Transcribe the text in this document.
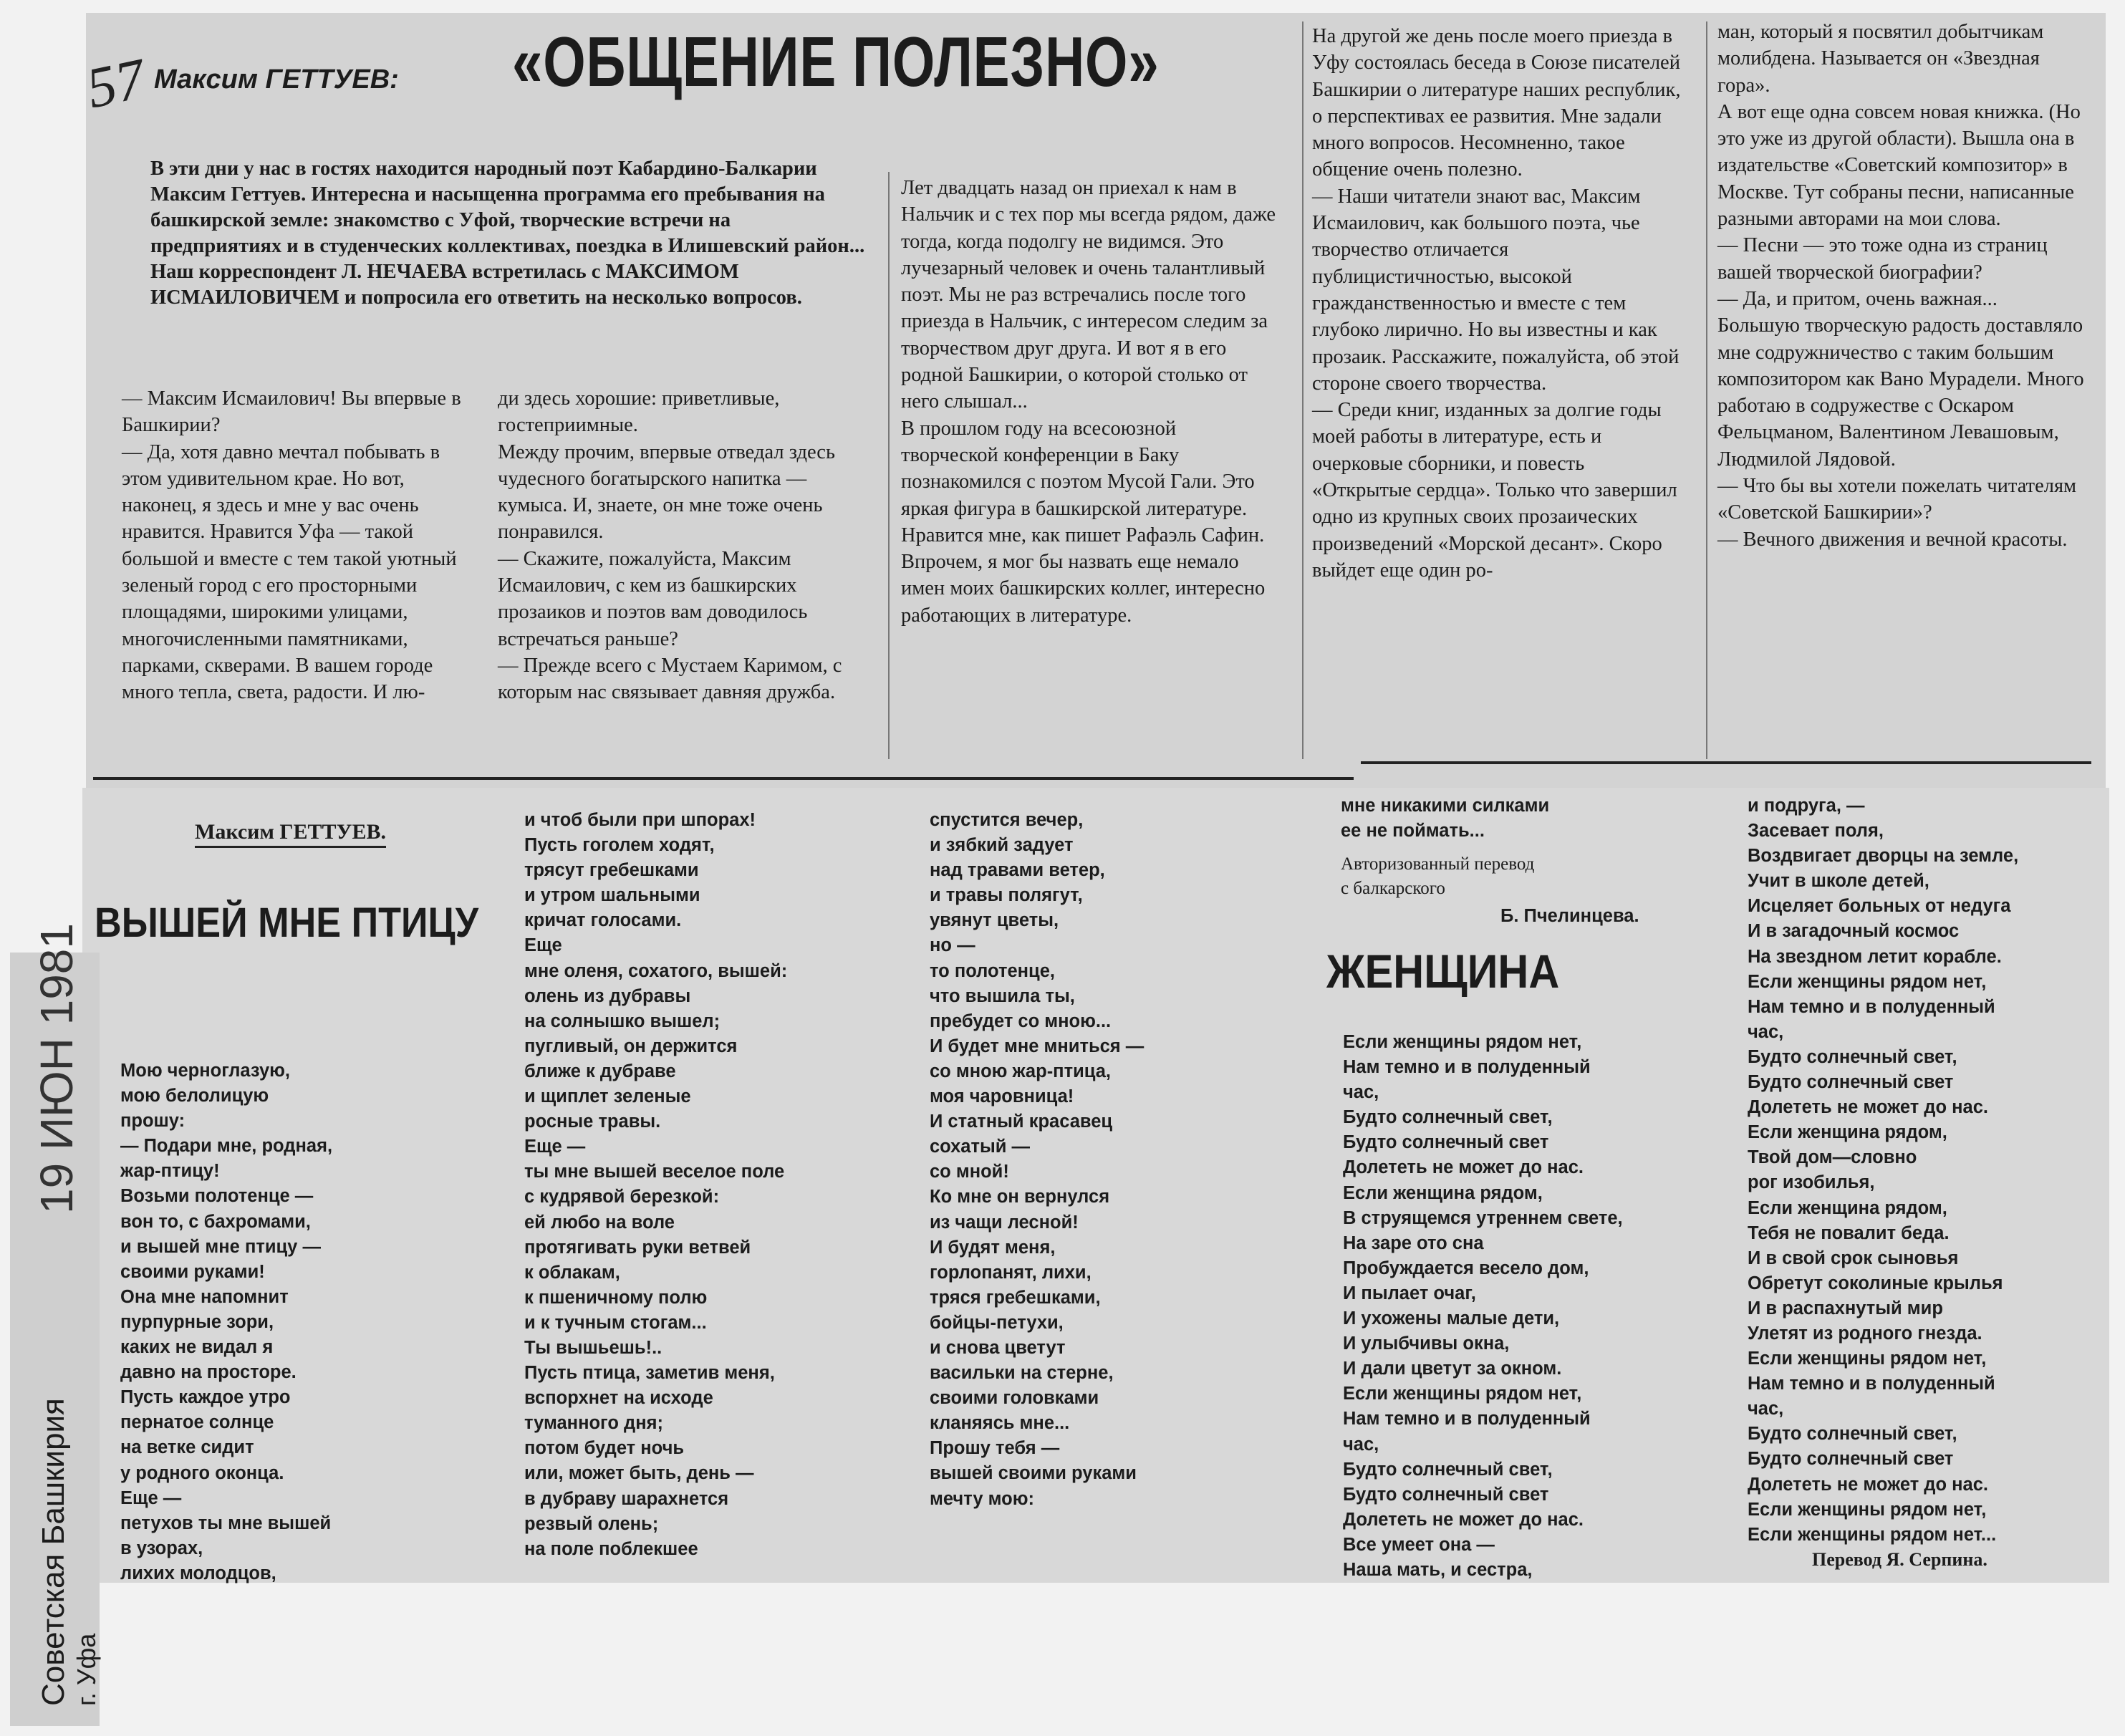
57 Максим ГЕТТУЕВ: «ОБЩЕНИЕ ПОЛЕЗНО»
В эти дни у нас в гостях находится народный поэт Кабардино-Балкарии Максим Геттуев. Интересна и насыщенна программа его пребывания на башкирской земле: знакомство с Уфой, творческие встречи на предприятиях и в студенческих коллективах, поездка в Илишевский район... Наш корреспондент Л. НЕЧАЕВА встретилась с МАКСИМОМ ИСМАИЛОВИЧЕМ и попросила его ответить на несколько вопросов.
— Максим Исмаилович! Вы впервые в Башкирии?
— Да, хотя давно мечтал побывать в этом удивительном крае. Но вот, наконец, я здесь и мне у вас очень нравится. Нравится Уфа — такой большой и вместе с тем такой уютный зеленый город с его просторными площадями, широкими улицами, многочисленными памятниками, парками, скверами. В вашем городе много тепла, света, радости. И лю-
ди здесь хорошие: приветливые, гостеприимные.
Между прочим, впервые отведал здесь чудесного богатырского напитка — кумыса. И, знаете, он мне тоже очень понравился.
— Скажите, пожалуйста, Максим Исмаилович, с кем из башкирских прозаиков и поэтов вам доводилось встречаться раньше?
— Прежде всего с Мустаем Каримом, с которым нас связывает давняя дружба.
Лет двадцать назад он приехал к нам в Нальчик и с тех пор мы всегда рядом, даже тогда, когда подолгу не видимся. Это лучезарный человек и очень талантливый поэт. Мы не раз встречались после того приезда в Нальчик, с интересом следим за творчеством друг друга. И вот я в его родной Башкирии, о которой столько от него слышал...
В прошлом году на всесоюзной творческой конференции в Баку познакомился с поэтом Мусой Гали. Это яркая фигура в башкирской литературе. Нравится мне, как пишет Рафаэль Сафин.
Впрочем, я мог бы назвать еще немало имен моих башкирских коллег, интересно работающих в литературе.
На другой же день после моего приезда в Уфу состоялась беседа в Союзе писателей Башкирии о литературе наших республик, о перспективах ее развития. Мне задали много вопросов. Несомненно, такое общение очень полезно.
— Наши читатели знают вас, Максим Исмаилович, как большого поэта, чье творчество отличается публицистичностью, высокой гражданственностью и вместе с тем глубоко лирично. Но вы известны и как прозаик. Расскажите, пожалуйста, об этой стороне своего творчества.
— Среди книг, изданных за долгие годы моей работы в литературе, есть и очерковые сборники, и повесть «Открытые сердца». Только что завершил одно из крупных своих прозаических произведений «Морской десант». Скоро выйдет еще один ро-
ман, который я посвятил добытчикам молибдена. Называется он «Звездная гора».
А вот еще одна совсем новая книжка. (Но это уже из другой области). Вышла она в издательстве «Советский композитор» в Москве. Тут собраны песни, написанные разными авторами на мои слова.
— Песни — это тоже одна из страниц вашей творческой биографии?
— Да, и притом, очень важная...
Большую творческую радость доставляло мне содружничество с таким большим композитором как Вано Мурадели. Много работаю в содружестве с Оскаром Фельцманом, Валентином Левашовым, Людмилой Лядовой.
— Что бы вы хотели пожелать читателям «Советской Башкирии»?
— Вечного движения и вечной красоты.
Максим ГЕТТУЕВ.
ВЫШЕЙ МНЕ ПТИЦУ
Мою черноглазую,
мою белолицую
прошу:
— Подари мне, родная,
жар-птицу!
Возьми полотенце —
вон то, с бахромами,
и вышей мне птицу —
своими руками!
Она мне напомнит
пурпурные зори,
каких не видал я
давно на просторе.
Пусть каждое утро
пернатое солнце
на ветке сидит
у родного оконца.
Еще —
петухов ты мне вышей
в узорах,
лихих молодцов,
и чтоб были при шпорах!
Пусть гоголем ходят,
трясут гребешками
и утром шальными
кричат голосами.
Еще
мне оленя, сохатого, вышей:
олень из дубравы
на солнышко вышел;
пугливый, он держится
ближе к дубраве
и щиплет зеленые
росные травы.
Еще —
ты мне вышей веселое поле
с кудрявой березкой:
ей любо на воле
протягивать руки ветвей
к облакам,
к пшеничному полю
и к тучным стогам...
Ты вышьешь!..
Пусть птица, заметив меня,
вспорхнет на исходе
туманного дня;
потом будет ночь
или, может быть, день —
в дубраву шарахнется
резвый олень;
на поле поблекшее
спустится вечер,
и зябкий задует
над травами ветер,
и травы полягут,
увянут цветы,
но —
то полотенце,
что вышила ты,
пребудет со мною...
И будет мне мниться —
со мною жар-птица,
моя чаровница!
И статный красавец
сохатый —
со мной!
Ко мне он вернулся
из чащи лесной!
И будят меня,
горлопанят, лихи,
тряся гребешками,
бойцы-петухи,
и снова цветут
васильки на стерне,
своими головками
кланяясь мне...
Прошу тебя —
вышей своими руками
мечту мою:
мне никакими силками
ее не поймать...
Авторизованный перевод
с балкарского
Б. Пчелинцева.
ЖЕНЩИНА
Если женщины рядом нет,
Нам темно и в полуденный
час,
Будто солнечный свет,
Будто солнечный свет
Долететь не может до нас.
Если женщина рядом,
В струящемся утреннем свете,
На заре ото сна
Пробуждается весело дом,
И пылает очаг,
И ухожены малые дети,
И улыбчивы окна,
И дали цветут за окном.
Если женщины рядом нет,
Нам темно и в полуденный
час,
Будто солнечный свет,
Будто солнечный свет
Долететь не может до нас.
Все умеет она —
Наша мать, и сестра,
и подруга, —
Засевает поля,
Воздвигает дворцы на земле,
Учит в школе детей,
Исцеляет больных от недуга
И в загадочный космос
На звездном летит корабле.
Если женщины рядом нет,
Нам темно и в полуденный
час,
Будто солнечный свет,
Будто солнечный свет
Долететь не может до нас.
Если женщина рядом,
Твой дом—словно
рог изобилья,
Если женщина рядом,
Тебя не повалит беда.
И в свой срок сыновья
Обретут соколиные крылья
И в распахнутый мир
Улетят из родного гнезда.
Если женщины рядом нет,
Нам темно и в полуденный
час,
Будто солнечный свет,
Будто солнечный свет
Долететь не может до нас.
Если женщины рядом нет,
Если женщины рядом нет...
Перевод Я. Серпина.
Советская Башкирия г. Уфа
19 ИЮН 1981
